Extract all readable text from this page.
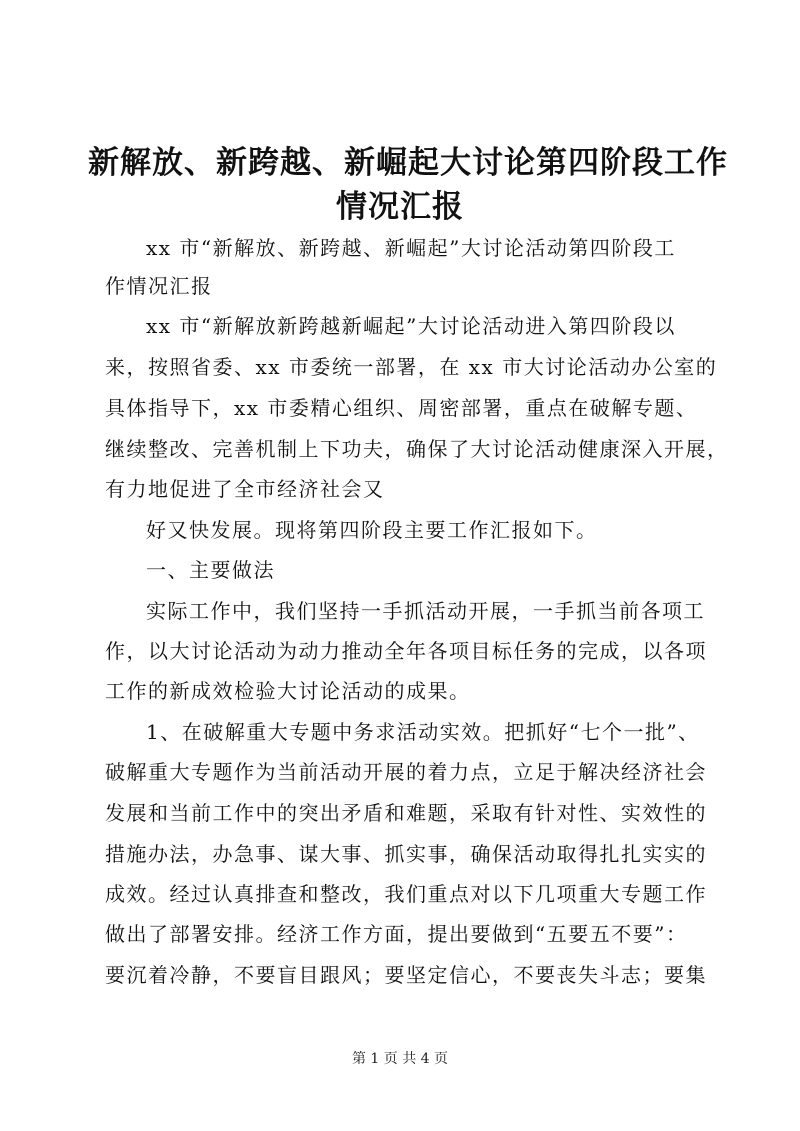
新解放、新跨越、新崛起大讨论第四阶段工作
情况汇报
xx 市“新解放、新跨越、新崛起”大讨论活动第四阶段工
作情况汇报
xx 市“新解放新跨越新崛起”大讨论活动进入第四阶段以
来，按照省委、xx 市委统一部署，在 xx 市大讨论活动办公室的
具体指导下，xx 市委精心组织、周密部署，重点在破解专题、
继续整改、完善机制上下功夫，确保了大讨论活动健康深入开展，
有力地促进了全市经济社会又
好又快发展。现将第四阶段主要工作汇报如下。
一、主要做法
实际工作中，我们坚持一手抓活动开展，一手抓当前各项工
作，以大讨论活动为动力推动全年各项目标任务的完成，以各项
工作的新成效检验大讨论活动的成果。
1、在破解重大专题中务求活动实效。把抓好“七个一批”、
破解重大专题作为当前活动开展的着力点，立足于解决经济社会
发展和当前工作中的突出矛盾和难题，采取有针对性、实效性的
措施办法，办急事、谋大事、抓实事，确保活动取得扎扎实实的
成效。经过认真排查和整改，我们重点对以下几项重大专题工作
做出了部署安排。经济工作方面，提出要做到“五要五不要”：
要沉着冷静，不要盲目跟风；要坚定信心，不要丧失斗志；要集
第 1 页 共 4 页
